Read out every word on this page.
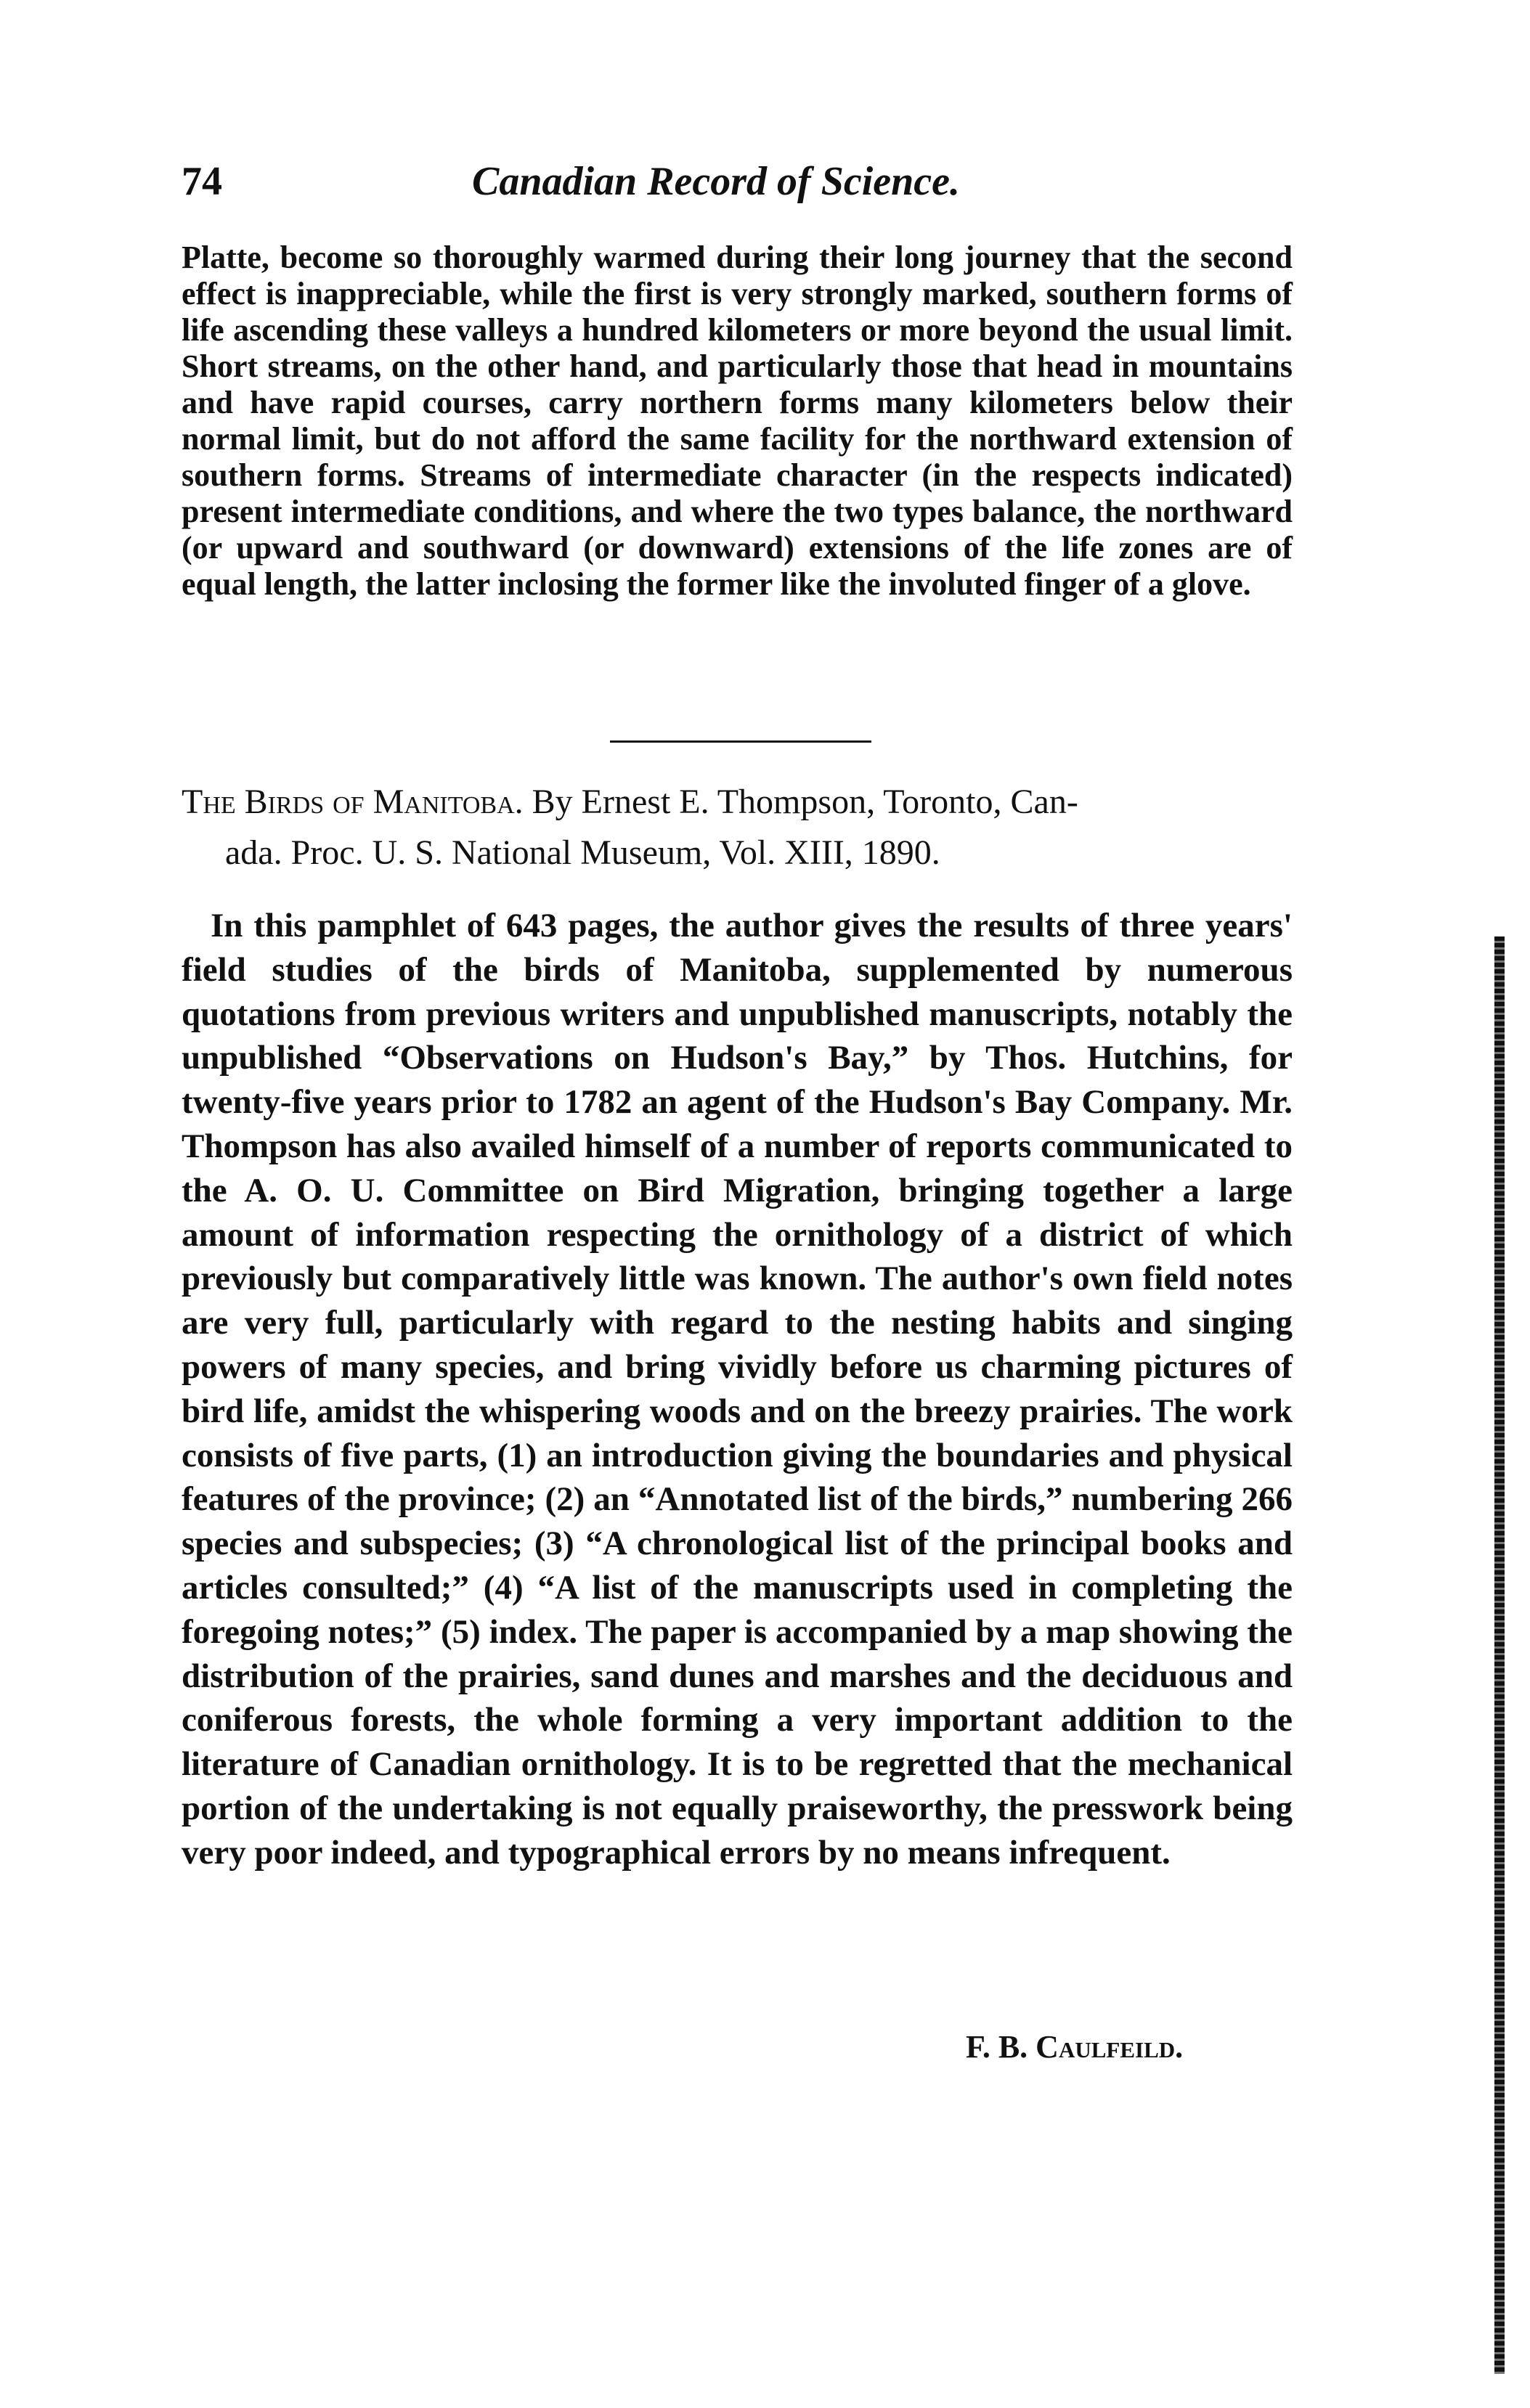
74	Canadian Record of Science.

Platte, become so thoroughly warmed during their long journey that the second effect is inappreciable, while the first is very strongly marked, southern forms of life ascending these valleys a hundred kilometers or more beyond the usual limit. Short streams, on the other hand, and particularly those that head in mountains and have rapid courses, carry northern forms many kilometers below their normal limit, but do not afford the same facility for the northward extension of southern forms. Streams of intermediate character (in the respects indicated) present intermediate conditions, and where the two types balance, the northward (or upward and southward (or downward) extensions of the life zones are of equal length, the latter inclosing the former like the involuted finger of a glove.

The Birds of Manitoba. By Ernest E. Thompson, Toronto, Can-
ada. Proc. U. S. National Museum, Vol. XIII, 1890.

In this pamphlet of 643 pages, the author gives the results of three years' field studies of the birds of Manitoba, supplemented by numerous quotations from previous writers and unpublished manuscripts, notably the unpublished “Observations on Hudson's Bay,” by Thos. Hutchins, for twenty-five years prior to 1782 an agent of the Hudson's Bay Company. Mr. Thompson has also availed himself of a number of reports communicated to the A. O. U. Committee on Bird Migration, bringing together a large amount of information respecting the ornithology of a district of which previously but comparatively little was known. The author's own field notes are very full, particularly with regard to the nesting habits and singing powers of many species, and bring vividly before us charming pictures of bird life, amidst the whispering woods and on the breezy prairies. The work consists of five parts, (1) an introduction giving the boundaries and physical features of the province; (2) an “Annotated list of the birds,” numbering 266 species and subspecies; (3) “A chronological list of the principal books and articles consulted;” (4) “A list of the manuscripts used in completing the foregoing notes;” (5) index. The paper is accompanied by a map showing the distribution of the prairies, sand dunes and marshes and the deciduous and coniferous forests, the whole forming a very important addition to the literature of Canadian ornithology. It is to be regretted that the mechanical portion of the undertaking is not equally praiseworthy, the presswork being very poor indeed, and typographical errors by no means infrequent.

F. B. Caulfeild.
